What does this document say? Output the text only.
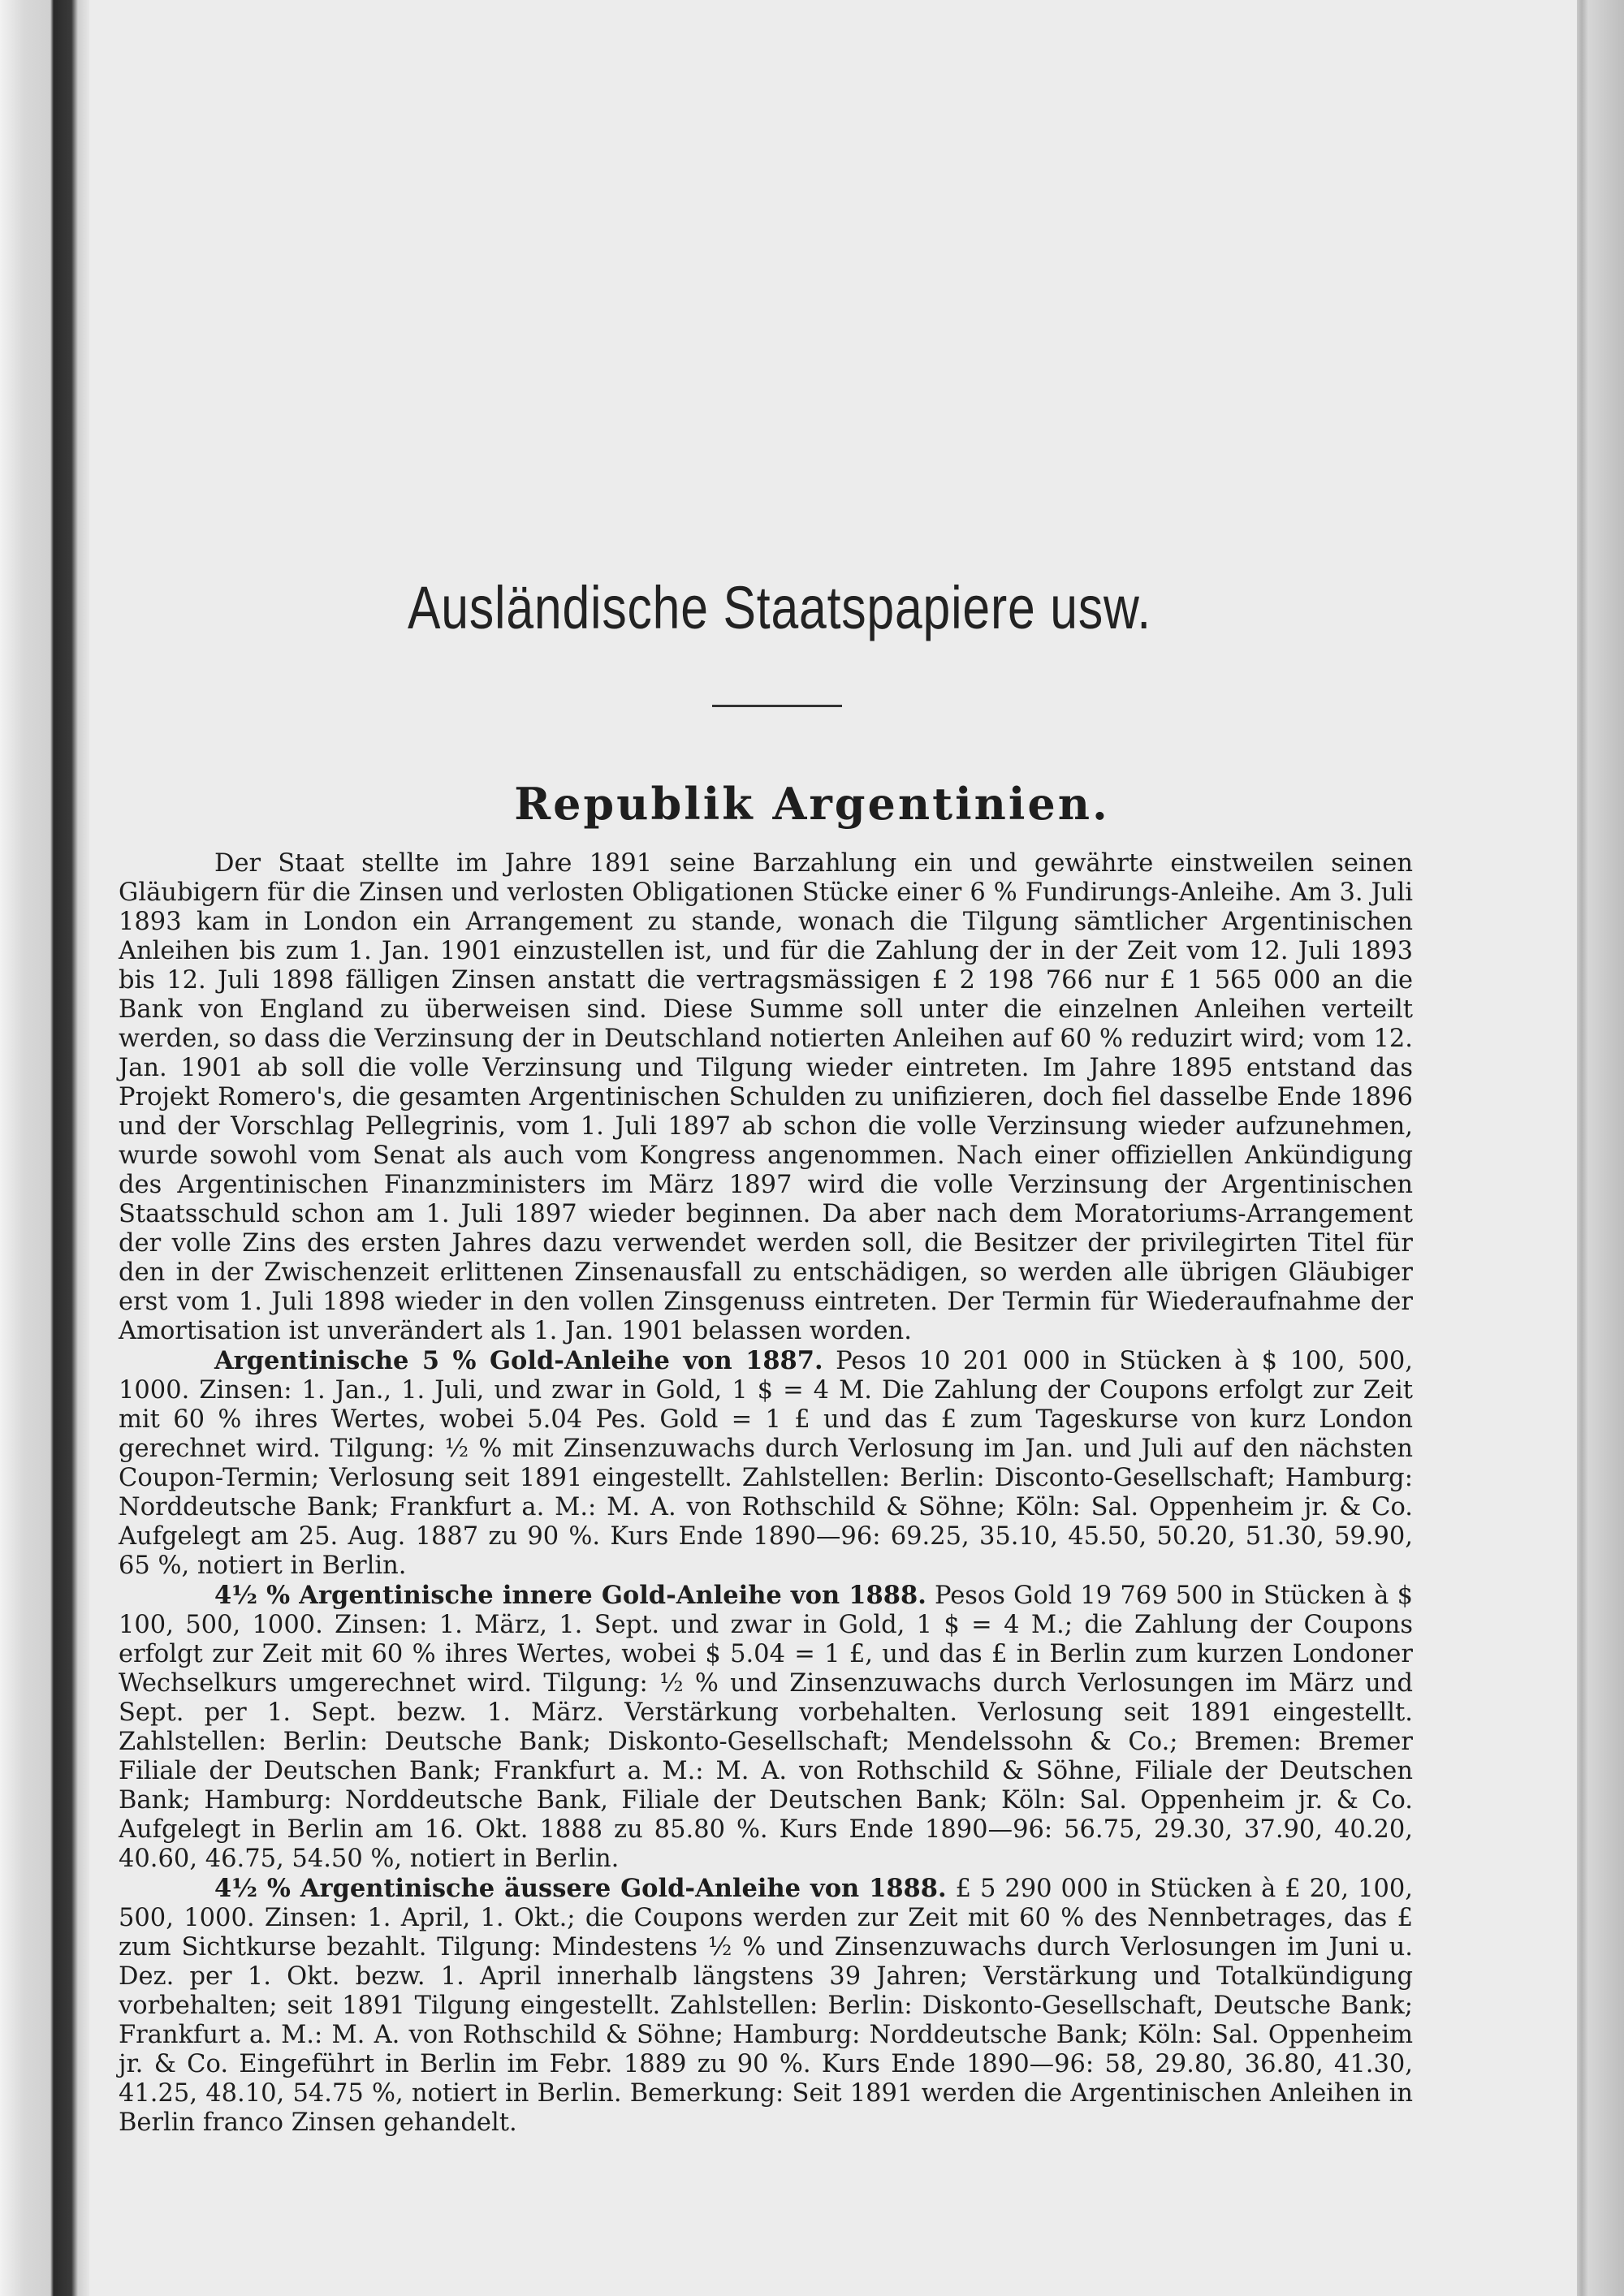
Ausländische Staatspapiere usw.
Republik Argentinien.

Der Staat stellte im Jahre 1891 seine Barzahlung ein und gewährte einstweilen seinen Gläubigern für die Zinsen und verlosten Obligationen Stücke einer 6 % Fundirungs-Anleihe. Am 3. Juli 1893 kam in London ein Arrangement zu stande, wonach die Tilgung sämtlicher Argentinischen Anleihen bis zum 1. Jan. 1901 einzustellen ist, und für die Zahlung der in der Zeit vom 12. Juli 1893 bis 12. Juli 1898 fälligen Zinsen anstatt die vertragsmässigen £ 2 198 766 nur £ 1 565 000 an die Bank von England zu überweisen sind. Diese Summe soll unter die einzelnen Anleihen verteilt werden, so dass die Verzinsung der in Deutschland notierten Anleihen auf 60 % reduzirt wird; vom 12. Jan. 1901 ab soll die volle Verzinsung und Tilgung wieder eintreten. Im Jahre 1895 entstand das Projekt Romero's, die gesamten Argentinischen Schulden zu unifizieren, doch fiel dasselbe Ende 1896 und der Vorschlag Pellegrinis, vom 1. Juli 1897 ab schon die volle Verzinsung wieder aufzunehmen, wurde sowohl vom Senat als auch vom Kongress angenommen. Nach einer offiziellen Ankündigung des Argentinischen Finanzministers im März 1897 wird die volle Verzinsung der Argentinischen Staatsschuld schon am 1. Juli 1897 wieder beginnen. Da aber nach dem Moratoriums-Arrangement der volle Zins des ersten Jahres dazu verwendet werden soll, die Besitzer der privilegirten Titel für den in der Zwischenzeit erlittenen Zinsenausfall zu entschädigen, so werden alle übrigen Gläubiger erst vom 1. Juli 1898 wieder in den vollen Zinsgenuss eintreten. Der Termin für Wiederaufnahme der Amortisation ist unverändert als 1. Jan. 1901 belassen worden.

Argentinische 5 % Gold-Anleihe von 1887. Pesos 10 201 000 in Stücken à $ 100, 500, 1000. Zinsen: 1. Jan., 1. Juli, und zwar in Gold, 1 $ = 4 M. Die Zahlung der Coupons erfolgt zur Zeit mit 60 % ihres Wertes, wobei 5.04 Pes. Gold = 1 £ und das £ zum Tageskurse von kurz London gerechnet wird. Tilgung: ½ % mit Zinsenzuwachs durch Verlosung im Jan. und Juli auf den nächsten Coupon-Termin; Verlosung seit 1891 eingestellt. Zahlstellen: Berlin: Disconto-Gesellschaft; Hamburg: Norddeutsche Bank; Frankfurt a. M.: M. A. von Rothschild & Söhne; Köln: Sal. Oppenheim jr. & Co. Aufgelegt am 25. Aug. 1887 zu 90 %. Kurs Ende 1890—96: 69.25, 35.10, 45.50, 50.20, 51.30, 59.90, 65 %, notiert in Berlin.

4½ % Argentinische innere Gold-Anleihe von 1888. Pesos Gold 19 769 500 in Stücken à $ 100, 500, 1000. Zinsen: 1. März, 1. Sept. und zwar in Gold, 1 $ = 4 M.; die Zahlung der Coupons erfolgt zur Zeit mit 60 % ihres Wertes, wobei $ 5.04 = 1 £, und das £ in Berlin zum kurzen Londoner Wechselkurs umgerechnet wird. Tilgung: ½ % und Zinsenzuwachs durch Verlosungen im März und Sept. per 1. Sept. bezw. 1. März. Verstärkung vorbehalten. Verlosung seit 1891 eingestellt. Zahlstellen: Berlin: Deutsche Bank; Diskonto-Gesellschaft; Mendelssohn & Co.; Bremen: Bremer Filiale der Deutschen Bank; Frankfurt a. M.: M. A. von Rothschild & Söhne, Filiale der Deutschen Bank; Hamburg: Norddeutsche Bank, Filiale der Deutschen Bank; Köln: Sal. Oppenheim jr. & Co. Aufgelegt in Berlin am 16. Okt. 1888 zu 85.80 %. Kurs Ende 1890—96: 56.75, 29.30, 37.90, 40.20, 40.60, 46.75, 54.50 %, notiert in Berlin.

4½ % Argentinische äussere Gold-Anleihe von 1888. £ 5 290 000 in Stücken à £ 20, 100, 500, 1000. Zinsen: 1. April, 1. Okt.; die Coupons werden zur Zeit mit 60 % des Nennbetrages, das £ zum Sichtkurse bezahlt. Tilgung: Mindestens ½ % und Zinsenzuwachs durch Verlosungen im Juni u. Dez. per 1. Okt. bezw. 1. April innerhalb längstens 39 Jahren; Verstärkung und Totalkündigung vorbehalten; seit 1891 Tilgung eingestellt. Zahlstellen: Berlin: Diskonto-Gesellschaft, Deutsche Bank; Frankfurt a. M.: M. A. von Rothschild & Söhne; Hamburg: Norddeutsche Bank; Köln: Sal. Oppenheim jr. & Co. Eingeführt in Berlin im Febr. 1889 zu 90 %. Kurs Ende 1890—96: 58, 29.80, 36.80, 41.30, 41.25, 48.10, 54.75 %, notiert in Berlin. Bemerkung: Seit 1891 werden die Argentinischen Anleihen in Berlin franco Zinsen gehandelt.
